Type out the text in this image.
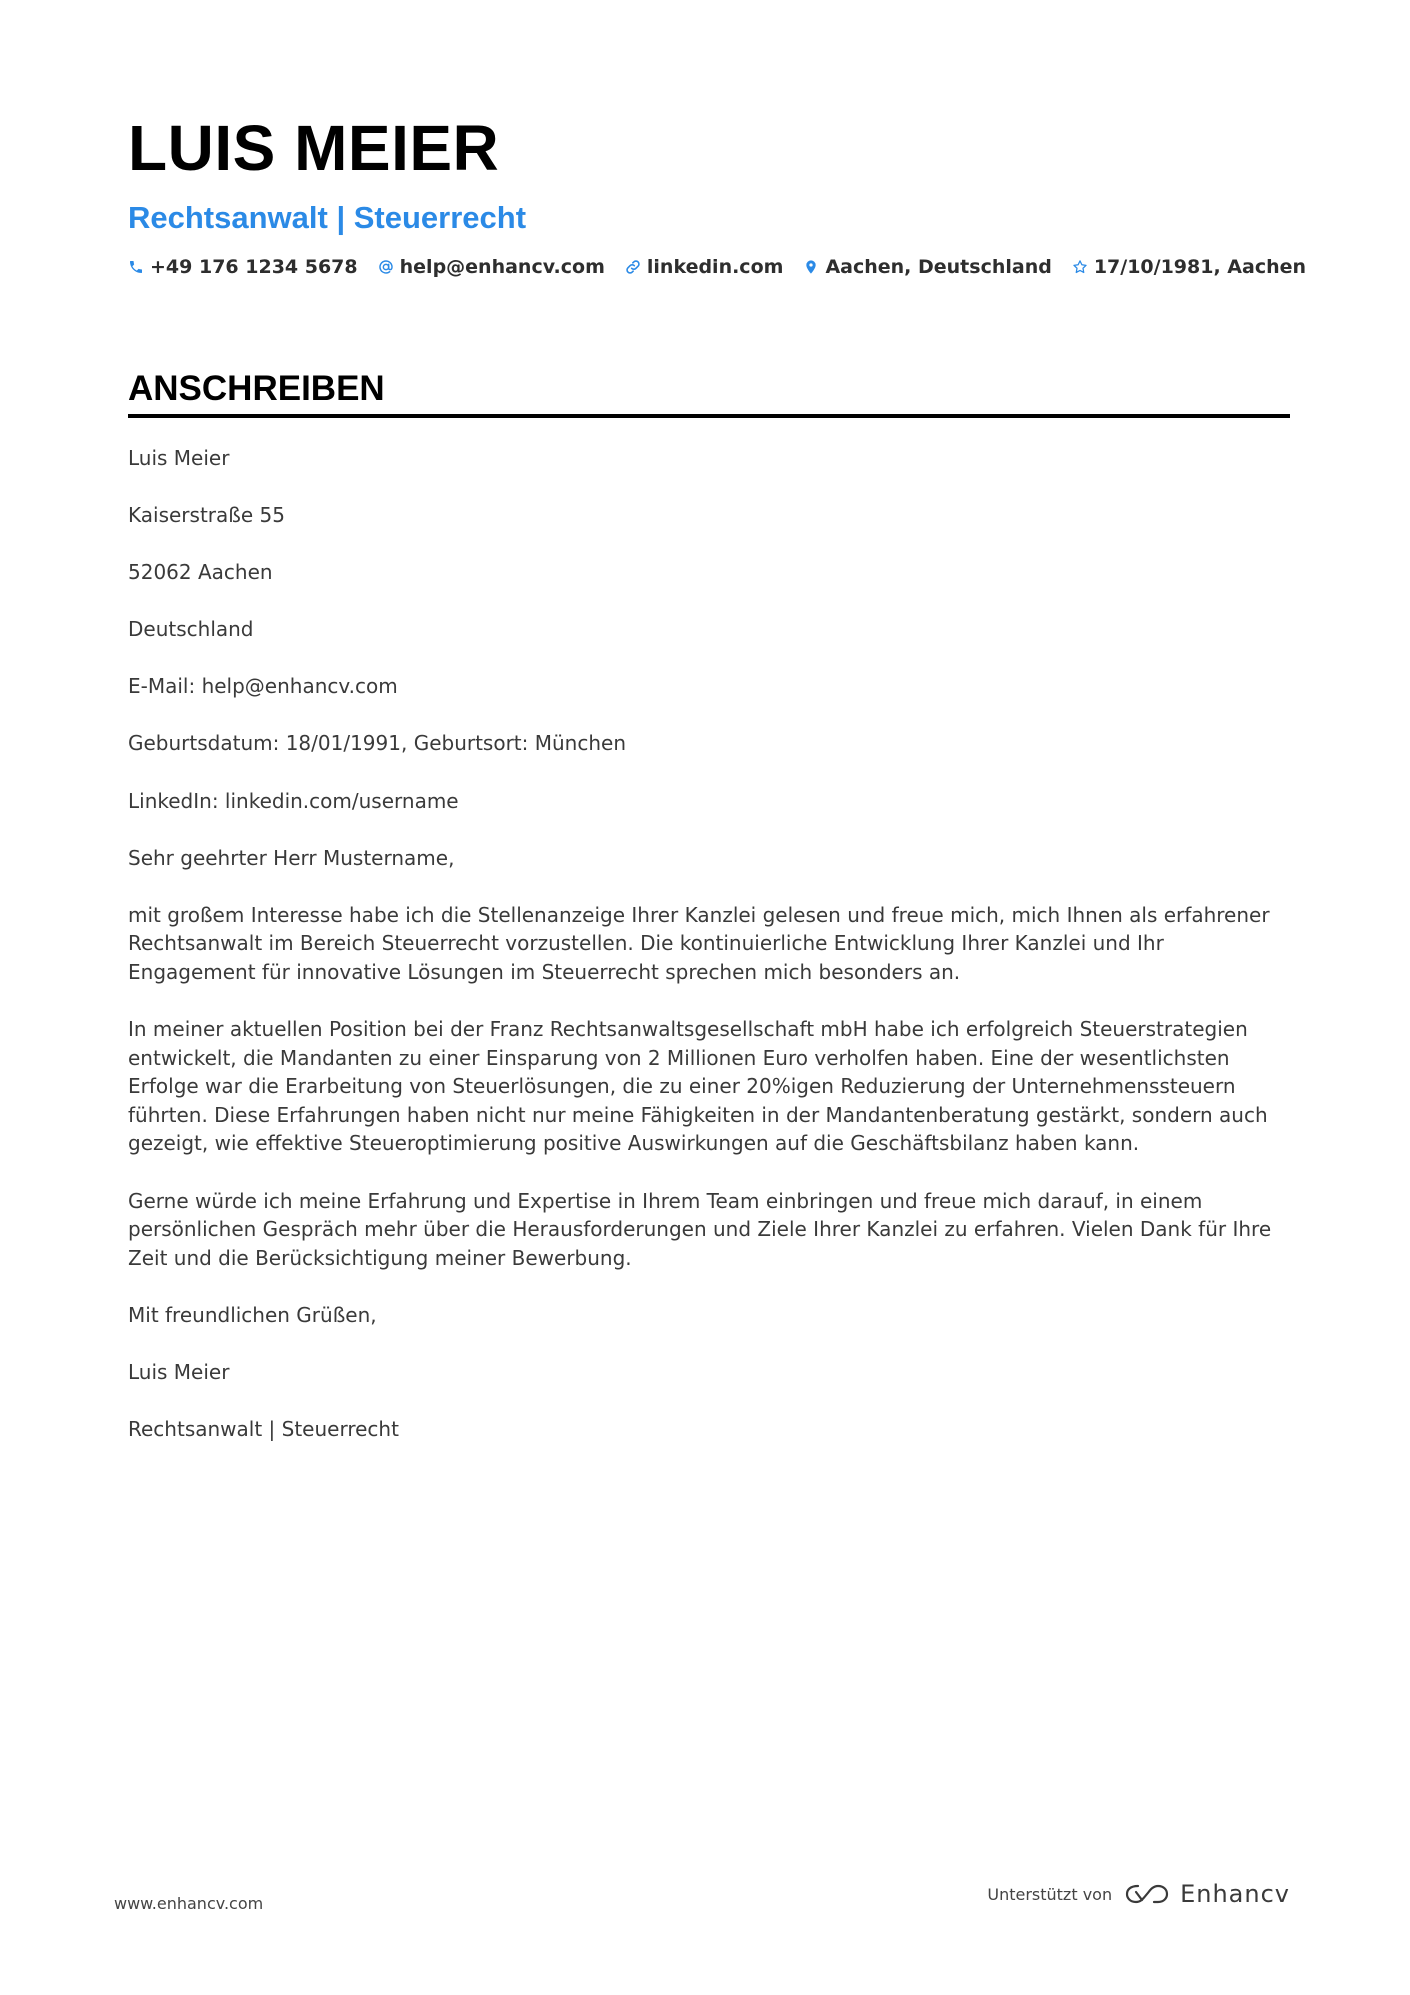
LUIS MEIER
Rechtsanwalt | Steuerrecht
+49 176 1234 5678 help@enhancv.com linkedin.com Aachen, Deutschland 17/10/1981, Aachen
ANSCHREIBEN

Luis Meier

Kaiserstraße 55

52062 Aachen

Deutschland

E-Mail: help@enhancv.com

Geburtsdatum: 18/01/1991, Geburtsort: München

LinkedIn: linkedin.com/username

Sehr geehrter Herr Mustername,

mit großem Interesse habe ich die Stellenanzeige Ihrer Kanzlei gelesen und freue mich, mich Ihnen als erfahrener Rechtsanwalt im Bereich Steuerrecht vorzustellen. Die kontinuierliche Entwicklung Ihrer Kanzlei und Ihr Engagement für innovative Lösungen im Steuerrecht sprechen mich besonders an.

In meiner aktuellen Position bei der Franz Rechtsanwaltsgesellschaft mbH habe ich erfolgreich Steuerstrategien entwickelt, die Mandanten zu einer Einsparung von 2 Millionen Euro verholfen haben. Eine der wesentlichsten Erfolge war die Erarbeitung von Steuerlösungen, die zu einer 20%igen Reduzierung der Unternehmenssteuern führten. Diese Erfahrungen haben nicht nur meine Fähigkeiten in der Mandantenberatung gestärkt, sondern auch gezeigt, wie effektive Steueroptimierung positive Auswirkungen auf die Geschäftsbilanz haben kann.

Gerne würde ich meine Erfahrung und Expertise in Ihrem Team einbringen und freue mich darauf, in einem persönlichen Gespräch mehr über die Herausforderungen und Ziele Ihrer Kanzlei zu erfahren. Vielen Dank für Ihre Zeit und die Berücksichtigung meiner Bewerbung.

Mit freundlichen Grüßen,

Luis Meier

Rechtsanwalt | Steuerrecht

www.enhancv.com	Unterstützt von	Enhancv
